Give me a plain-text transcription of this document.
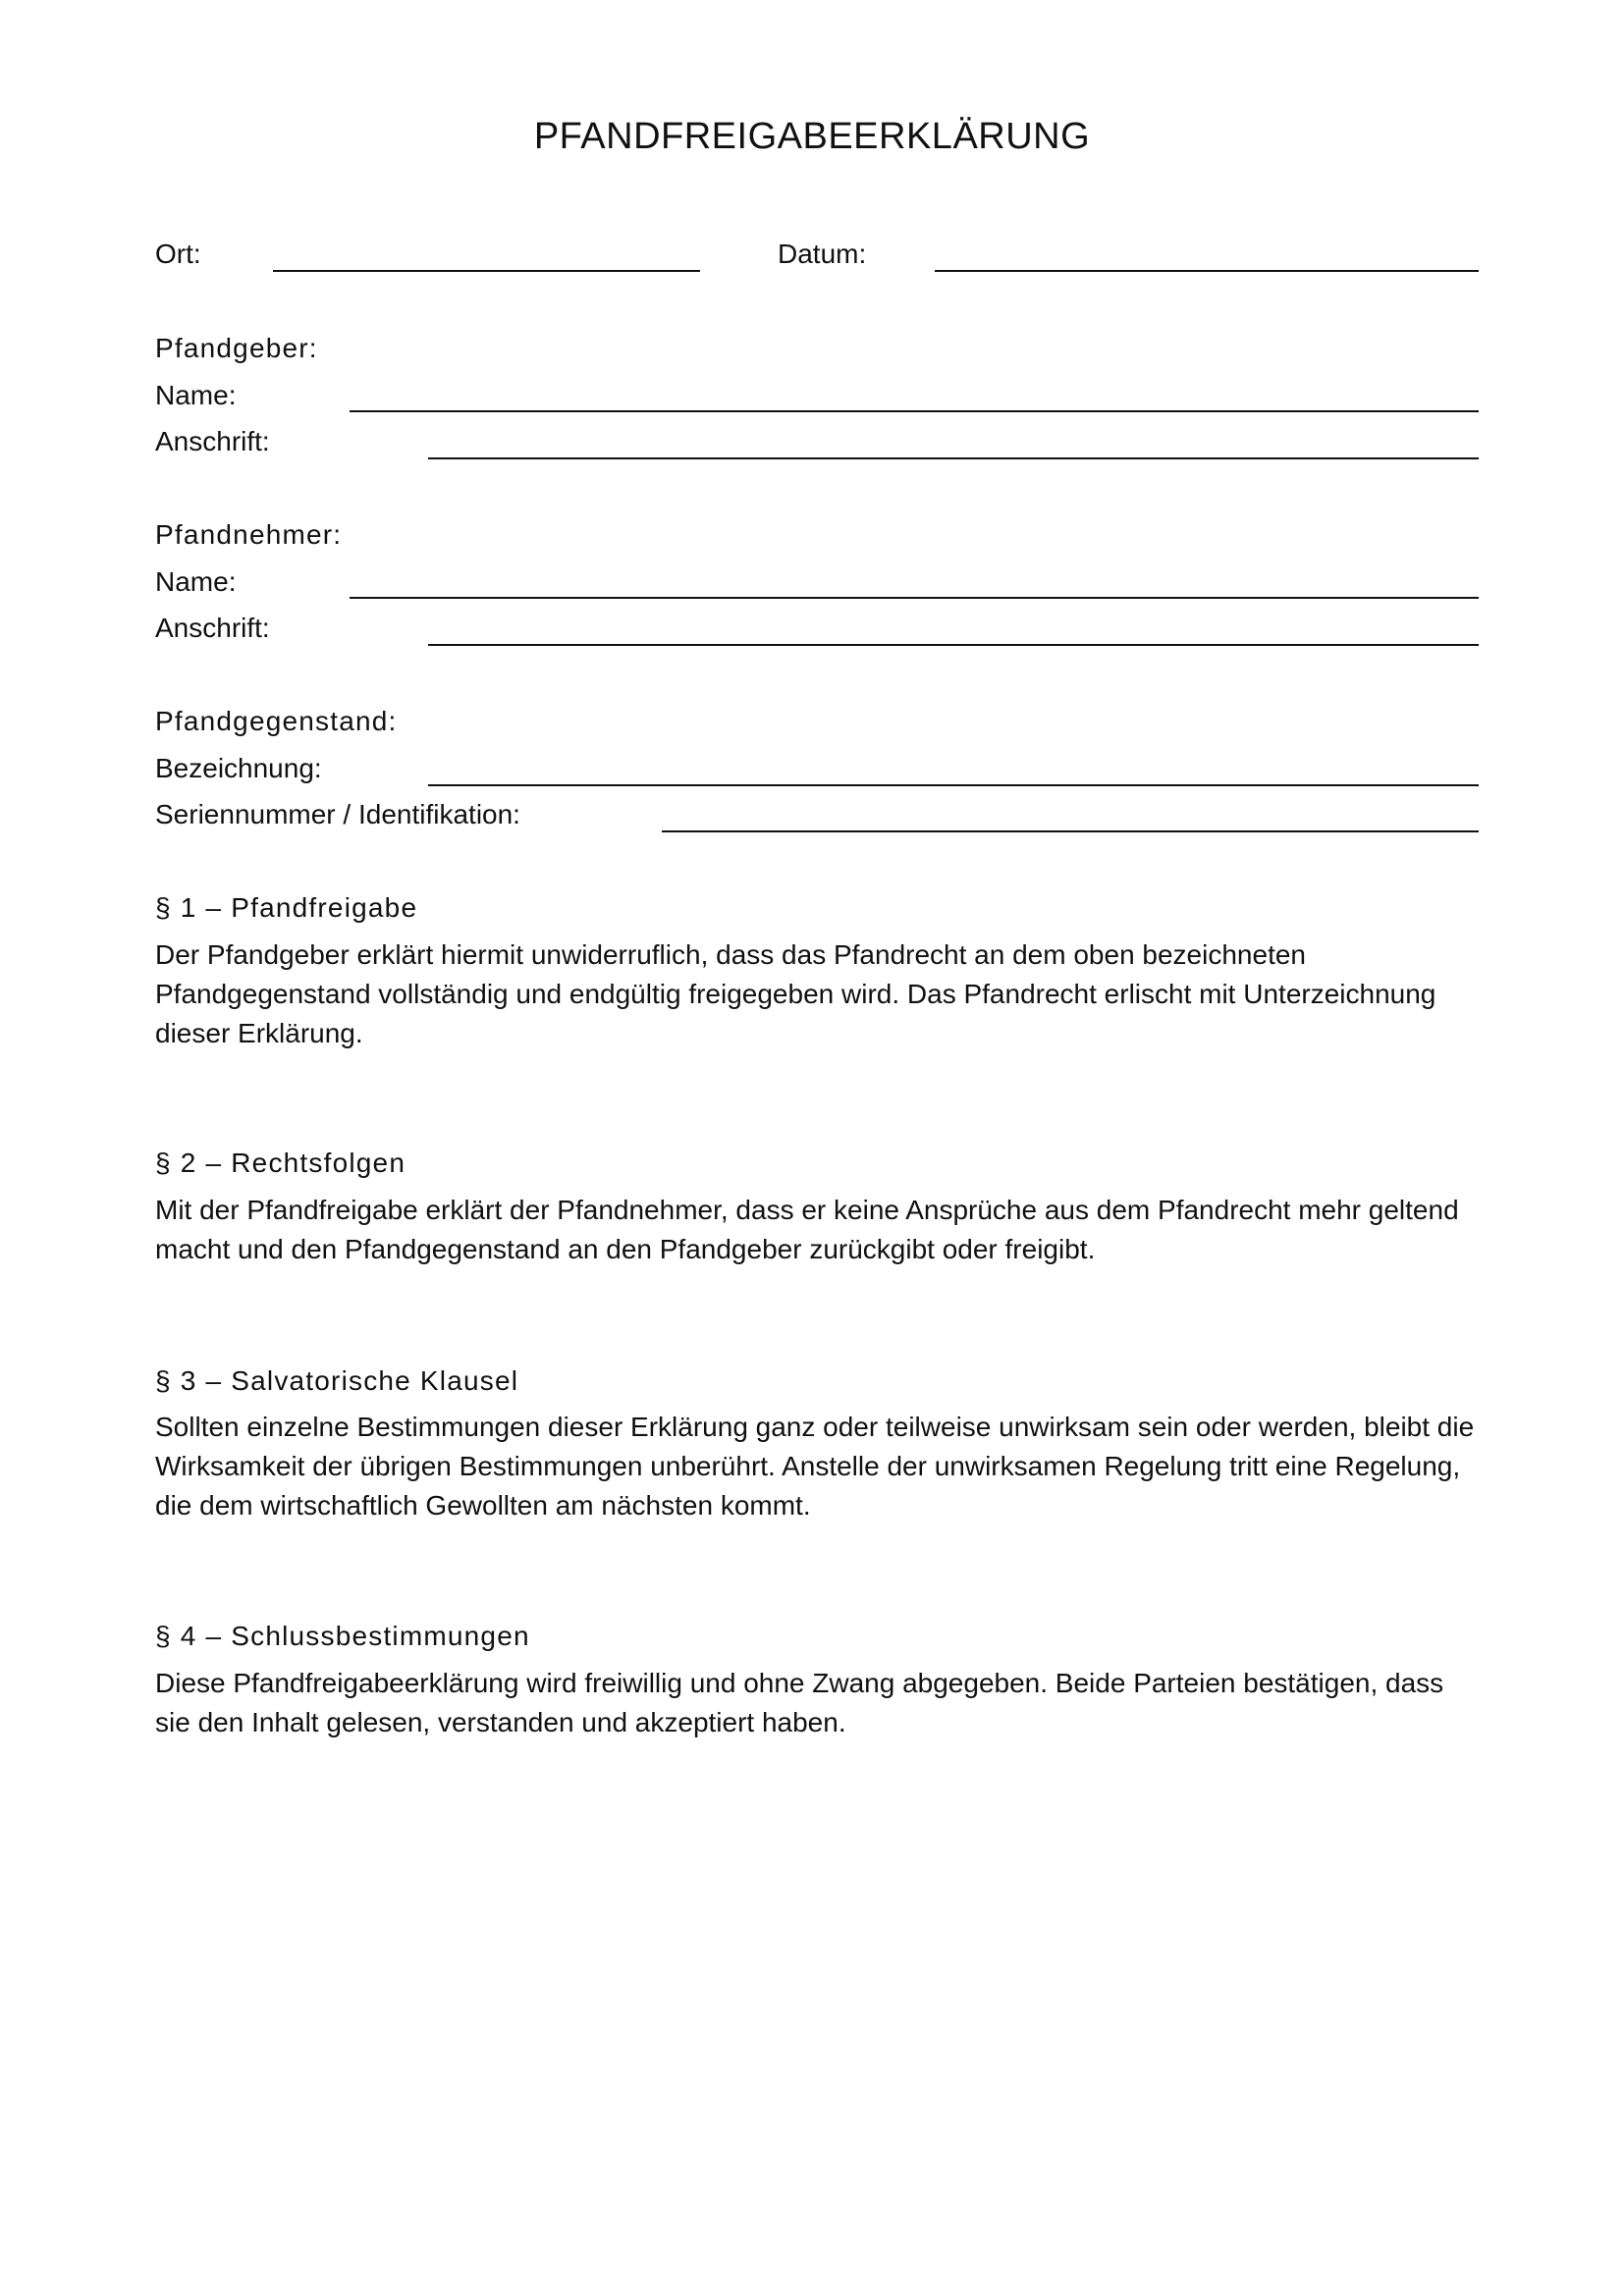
PFANDFREIGABEERKLÄRUNG
Ort:	Datum:
Pfandgeber:
Name:
Anschrift:
Pfandnehmer:
Name:
Anschrift:
Pfandgegenstand:
Bezeichnung:
Seriennummer / Identifikation:
§ 1 – Pfandfreigabe
Der Pfandgeber erklärt hiermit unwiderruflich, dass das Pfandrecht an dem oben bezeichneten
Pfandgegenstand vollständig und endgültig freigegeben wird. Das Pfandrecht erlischt mit Unterzeichnung
dieser Erklärung.
§ 2 – Rechtsfolgen
Mit der Pfandfreigabe erklärt der Pfandnehmer, dass er keine Ansprüche aus dem Pfandrecht mehr geltend
macht und den Pfandgegenstand an den Pfandgeber zurückgibt oder freigibt.
§ 3 – Salvatorische Klausel
Sollten einzelne Bestimmungen dieser Erklärung ganz oder teilweise unwirksam sein oder werden, bleibt die
Wirksamkeit der übrigen Bestimmungen unberührt. Anstelle der unwirksamen Regelung tritt eine Regelung,
die dem wirtschaftlich Gewollten am nächsten kommt.
§ 4 – Schlussbestimmungen
Diese Pfandfreigabeerklärung wird freiwillig und ohne Zwang abgegeben. Beide Parteien bestätigen, dass
sie den Inhalt gelesen, verstanden und akzeptiert haben.
